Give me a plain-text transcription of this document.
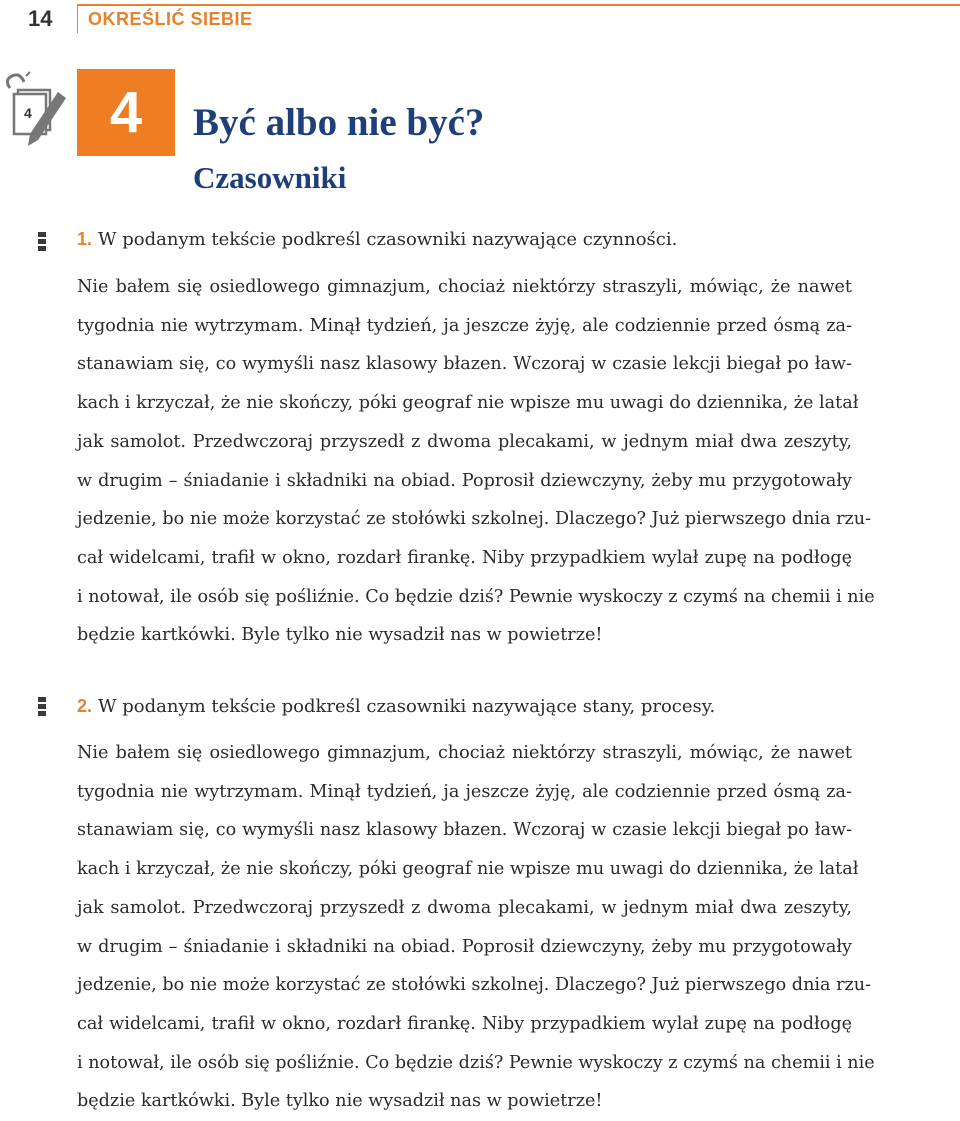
14 OKREŚLIĆ SIEBIE
4 4 Być albo nie być?
Czasowniki
1. W podanym tekście podkreśl czasowniki nazywające czynności.
Nie bałem się osiedlowego gimnazjum, chociaż niektórzy straszyli, mówiąc, że nawet
tygodnia nie wytrzymam. Minął tydzień, ja jeszcze żyję, ale codziennie przed ósmą za-
stanawiam się, co wymyśli nasz klasowy błazen. Wczoraj w czasie lekcji biegał po ław-
kach i krzyczał, że nie skończy, póki geograf nie wpisze mu uwagi do dziennika, że latał
jak samolot. Przedwczoraj przyszedł z dwoma plecakami, w jednym miał dwa zeszyty,
w drugim – śniadanie i składniki na obiad. Poprosił dziewczyny, żeby mu przygotowały
jedzenie, bo nie może korzystać ze stołówki szkolnej. Dlaczego? Już pierwszego dnia rzu-
cał widelcami, trafił w okno, rozdarł firankę. Niby przypadkiem wylał zupę na podłogę
i notował, ile osób się pośliźnie. Co będzie dziś? Pewnie wyskoczy z czymś na chemii i nie
będzie kartkówki. Byle tylko nie wysadził nas w powietrze!
2. W podanym tekście podkreśl czasowniki nazywające stany, procesy.
Nie bałem się osiedlowego gimnazjum, chociaż niektórzy straszyli, mówiąc, że nawet
tygodnia nie wytrzymam. Minął tydzień, ja jeszcze żyję, ale codziennie przed ósmą za-
stanawiam się, co wymyśli nasz klasowy błazen. Wczoraj w czasie lekcji biegał po ław-
kach i krzyczał, że nie skończy, póki geograf nie wpisze mu uwagi do dziennika, że latał
jak samolot. Przedwczoraj przyszedł z dwoma plecakami, w jednym miał dwa zeszyty,
w drugim – śniadanie i składniki na obiad. Poprosił dziewczyny, żeby mu przygotowały
jedzenie, bo nie może korzystać ze stołówki szkolnej. Dlaczego? Już pierwszego dnia rzu-
cał widelcami, trafił w okno, rozdarł firankę. Niby przypadkiem wylał zupę na podłogę
i notował, ile osób się pośliźnie. Co będzie dziś? Pewnie wyskoczy z czymś na chemii i nie
będzie kartkówki. Byle tylko nie wysadził nas w powietrze!
